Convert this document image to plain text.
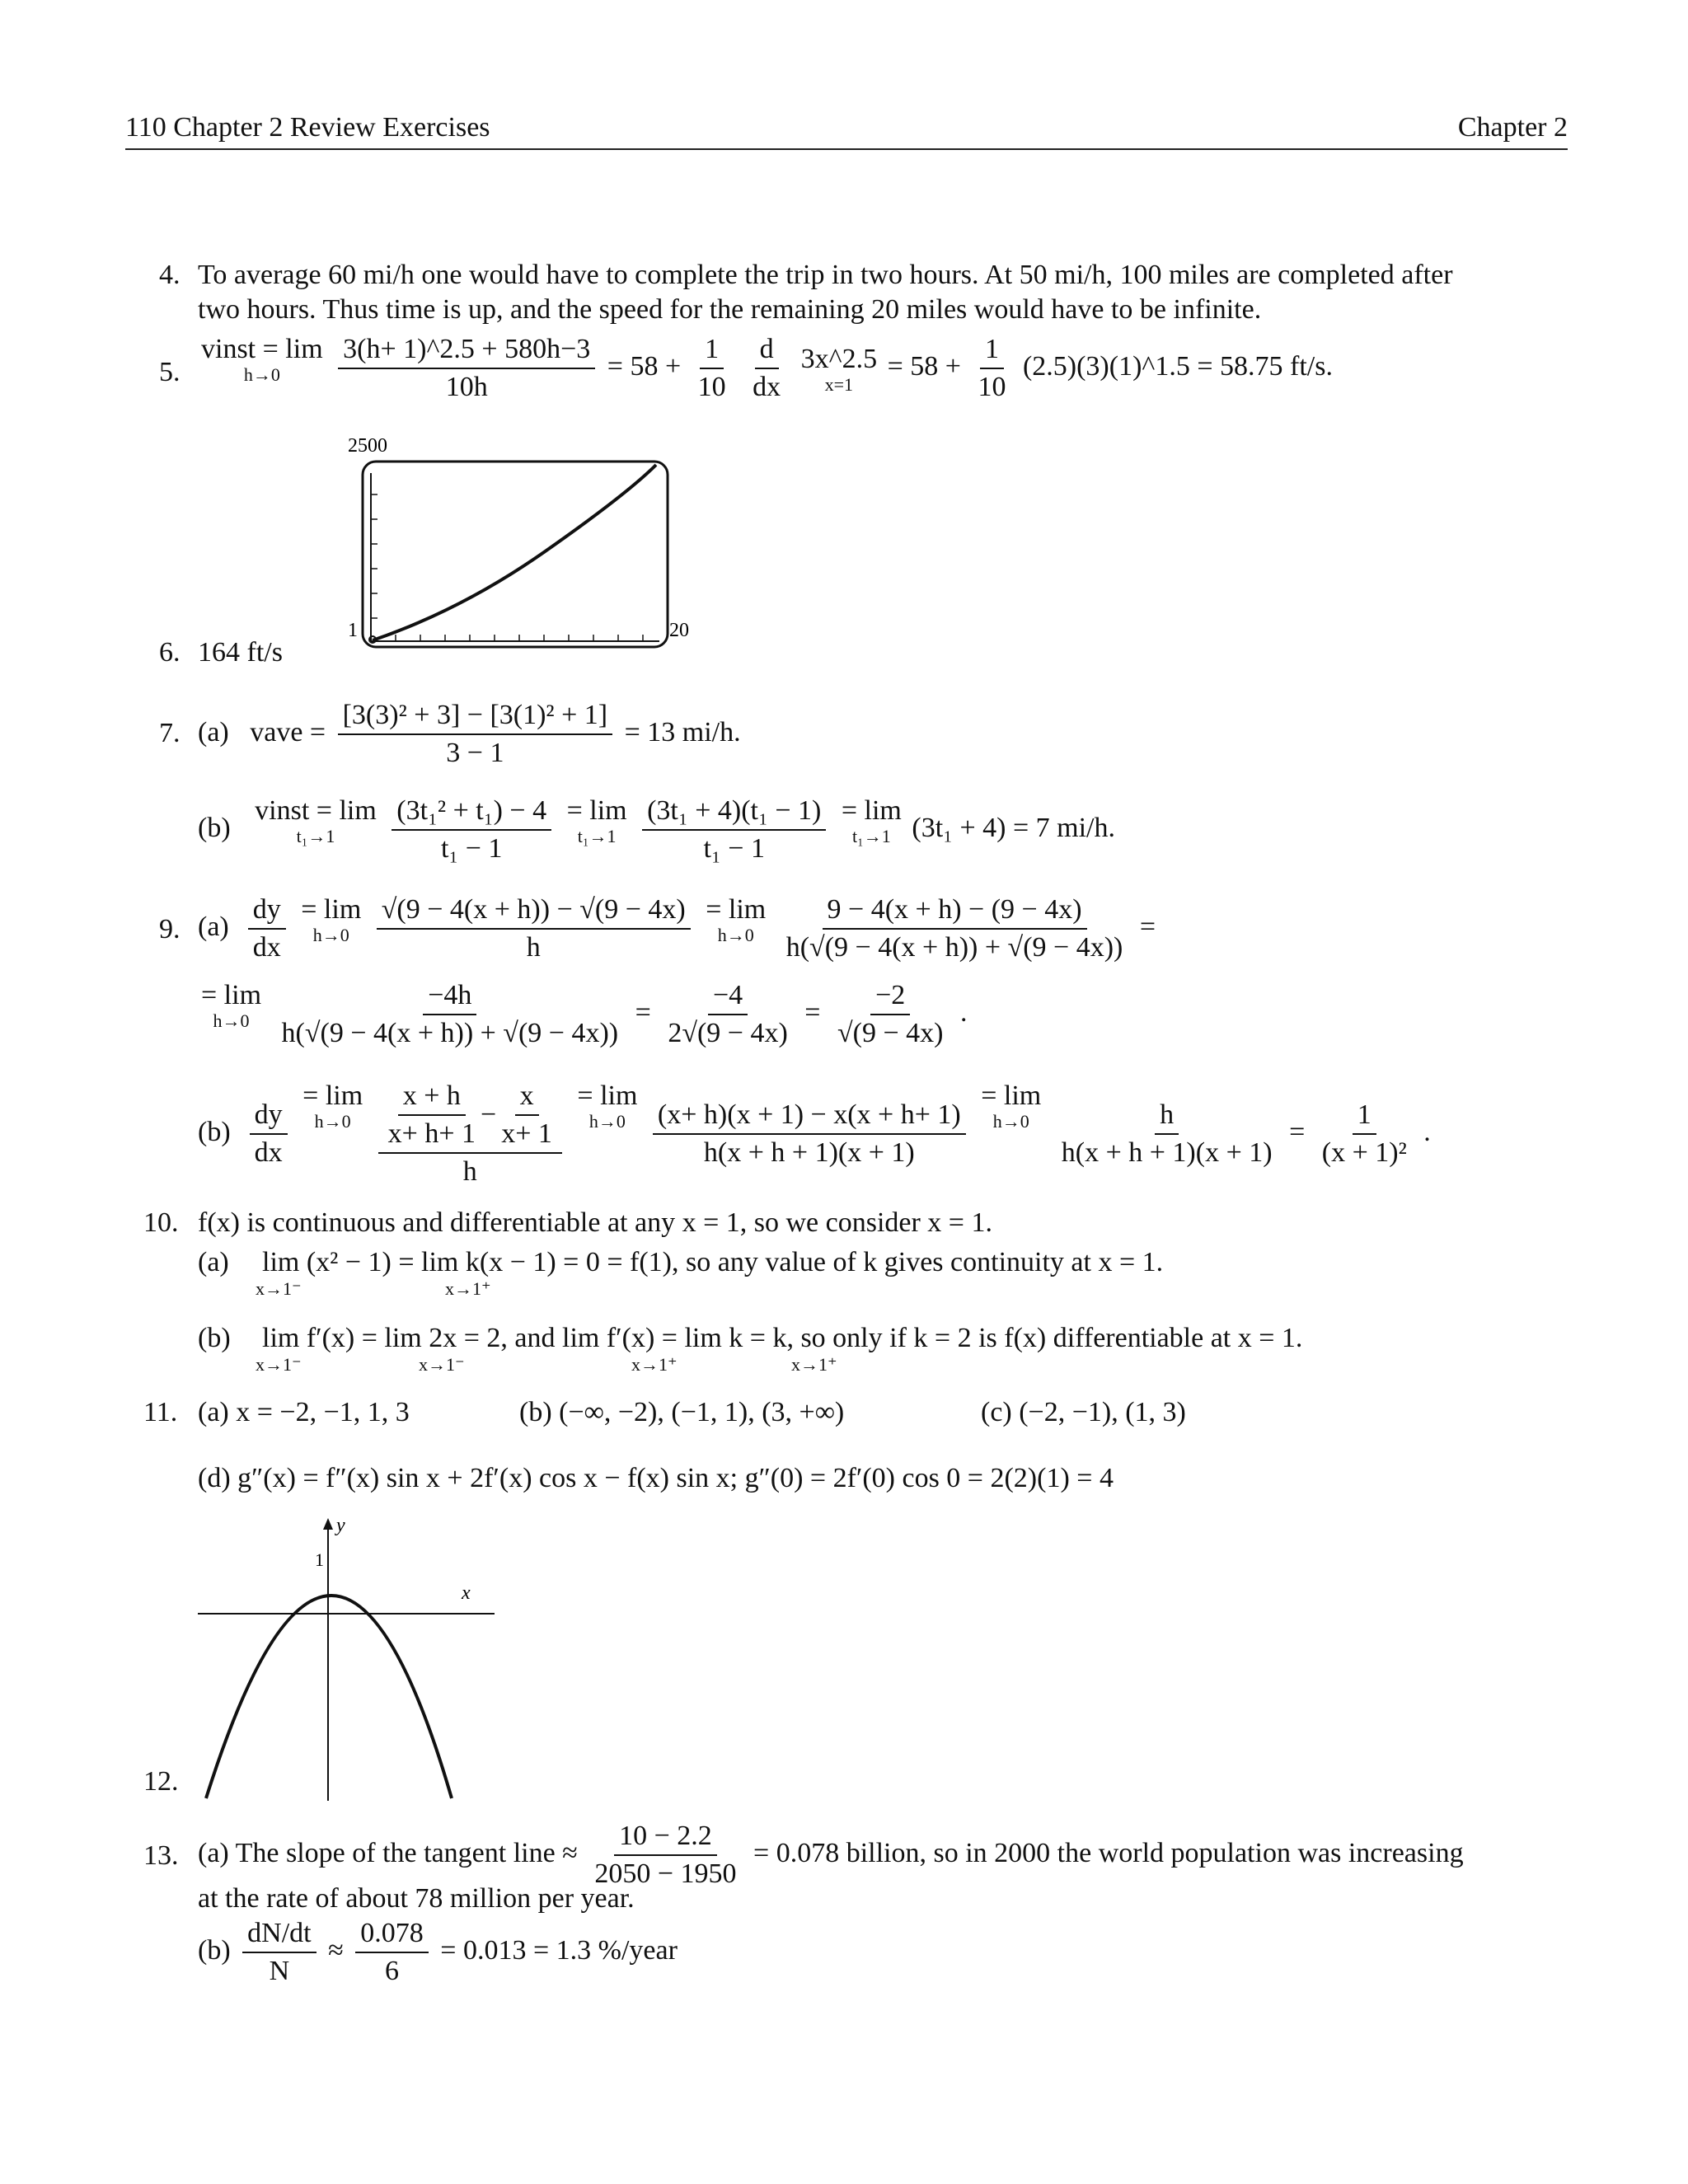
110 Chapter 2 Review Exercises	Chapter 2
4. To average 60 mi/h one would have to complete the trip in two hours. At 50 mi/h, 100 miles are completed after
two hours. Thus time is up, and the speed for the remaining 20 miles would have to be infinite.
5.
vinst = lim
h→0
$\frac{3(h+ 1)\^{}2.5 + 580h-3}{10h} = 58 + \frac{1}{10}$
$\frac{d}{dx}$
3x^2.5
x=1
= $58 + \frac{1}{10}$ (2.5)(3)(1)^1.5 = 58.75 ft/s.
2500
1	20
6. 164 ft/s
7. (a) vave = $\frac{\text{[3(3)² + 3] − [3(1)² + 1]}}{3 - 1} = 13$ mi/h.
(b)
vinst = lim
t₁→1
$\frac{\text{(3t₁² + t₁) − 4}}{\text{t₁ − 1}}$
= lim
t₁→1
$\frac{\text{(3t₁ + 4)(t₁ − 1)}}{\text{t₁ − 1}}$
= lim
t₁→1 (3t₁ + 4) = 7 mi/h.
9. $(a) \frac{dy}{dx}$
= lim
h→0
$\frac{√(9 - 4(x + h)) - √(9 - 4x)}{h}$
= lim
h→0
$\frac{9 - 4(x + h) - (9 - 4x)}{h(√(9 - 4(x + h)) + √(9 - 4x))}$ =
= lim
h→0
$\frac{-4h}{h(√(9 - 4(x + h)) + √(9 - 4x))} = \frac{-4}{2√(9 - 4x)} = \frac{-2}{√(9 - 4x)}$ .
$(b) \frac{dy}{dx}$

= lim
h→0
$\frac{\frac{x + h}{x+ h+ 1} - \frac{x}{x+ 1}}{h}$
= lim
h→0
$\frac{(x+ h)(x + 1) - x(x + h+ 1)}{h(x + h + 1)(x + 1)}$

= lim
h→0
$\frac{h}{h(x + h + 1)(x + 1)} = \frac{1}{\text{(x + 1)²}}$ .
10. f(x) is continuous and differentiable at any x = 1, so we consider x = 1.
(a) lim (x² − 1) = lim k(x − 1) = 0 = f(1), so any value of k gives continuity at x = 1.
x→1⁻	x→1⁺
(b) lim f′(x) = lim 2x = 2, and lim f′(x) = lim k = k, so only if k = 2 is f(x) differentiable at x = 1.
x→1⁻	x→1⁻	x→1⁺	x→1⁺
11. (a) x = −2, −1, 1, 3	(b) (−∞, −2), (−1, 1), (3, +∞)	(c) (−2, −1), (1, 3)
(d) g″(x) = f″(x) sin x + 2f′(x) cos x − f(x) sin x; g″(0) = 2f′(0) cos 0 = 2(2)(1) = 4
y
x
1
12.
13. (a) The slope of the tangent line ≈ $\frac{10 - 2.2}{2050 - 1950} = 0.078$ billion, so in 2000 the world population was increasing
at the rate of about 78 million per year.
$(b) \frac{dN/dt}{N} \approx \frac{0.078}{6} = 0.013 = 1.3$ %/year
